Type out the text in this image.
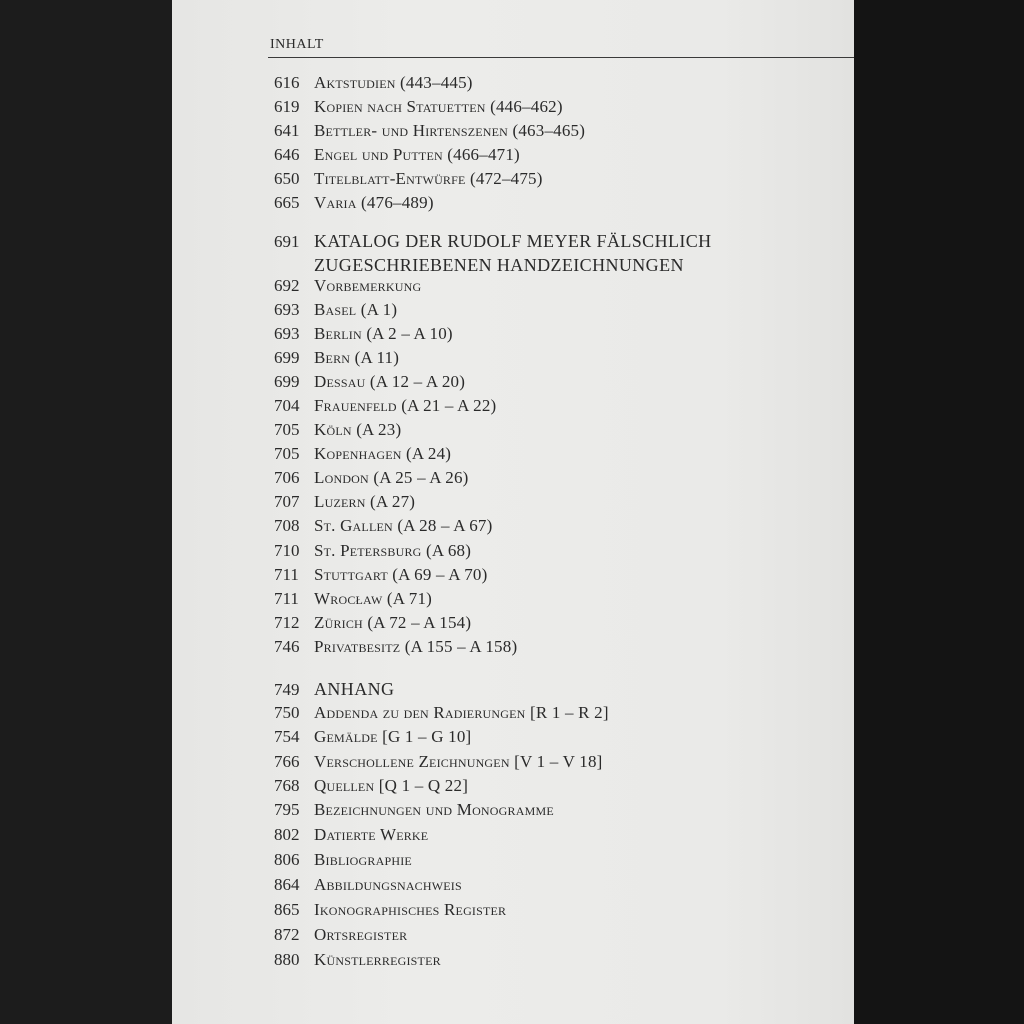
INHALT
616 Aktstudien (443–445)
619 Kopien nach Statuetten (446–462)
641 Bettler- und Hirtenszenen (463–465)
646 Engel und Putten (466–471)
650 Titelblatt-Entwürfe (472–475)
665 Varia (476–489)
691 KATALOG DER RUDOLF MEYER FÄLSCHLICH
ZUGESCHRIEBENEN HANDZEICHNUNGEN
692 Vorbemerkung
693 Basel (A 1)
693 Berlin (A 2 – A 10)
699 Bern (A 11)
699 Dessau (A 12 – A 20)
704 Frauenfeld (A 21 – A 22)
705 Köln (A 23)
705 Kopenhagen (A 24)
706 London (A 25 – A 26)
707 Luzern (A 27)
708 St. Gallen (A 28 – A 67)
710 St. Petersburg (A 68)
711 Stuttgart (A 69 – A 70)
711 Wrocław (A 71)
712 Zürich (A 72 – A 154)
746 Privatbesitz (A 155 – A 158)
749 ANHANG
750 Addenda zu den Radierungen [R 1 – R 2]
754 Gemälde [G 1 – G 10]
766 Verschollene Zeichnungen [V 1 – V 18]
768 Quellen [Q 1 – Q 22]
795 Bezeichnungen und Monogramme
802 Datierte Werke
806 Bibliographie
864 Abbildungsnachweis
865 Ikonographisches Register
872 Ortsregister
880 Künstlerregister
